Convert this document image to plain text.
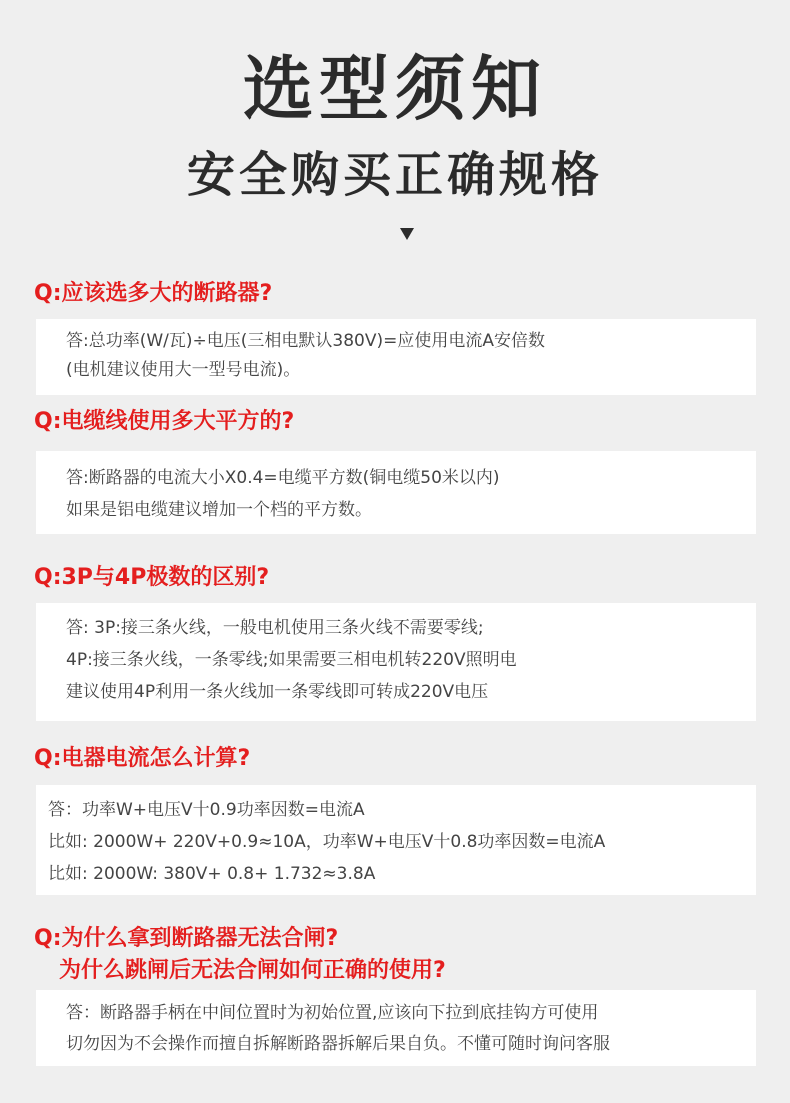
选型须知
安全购买正确规格
Q:应该选多大的断路器?
答:总功率(W/瓦)÷电压(三相电默认380V)=应使用电流A安倍数
(电机建议使用大一型号电流)。
Q:电缆线使用多大平方的?
答:断路器的电流大小X0.4=电缆平方数(铜电缆50米以内)
如果是铝电缆建议增加一个档的平方数。
Q:3P与4P极数的区别?
答: 3P:接三条火线，一般电机使用三条火线不需要零线;
4P:接三条火线，一条零线;如果需要三相电机转220V照明电
建议使用4P利用一条火线加一条零线即可转成220V电压
Q:电器电流怎么计算?
答：功率W+电压V十0.9功率因数=电流A
比如: 2000W+ 220V+0.9≈10A，功率W+电压V十0.8功率因数=电流A
比如: 2000W: 380V+ 0.8+ 1.732≈3.8A
Q:为什么拿到断路器无法合闸?
为什么跳闸后无法合闸如何正确的使用?
答：断路器手柄在中间位置时为初始位置,应该向下拉到底挂钩方可使用
切勿因为不会操作而擅自拆解断路器拆解后果自负。不懂可随时询问客服
